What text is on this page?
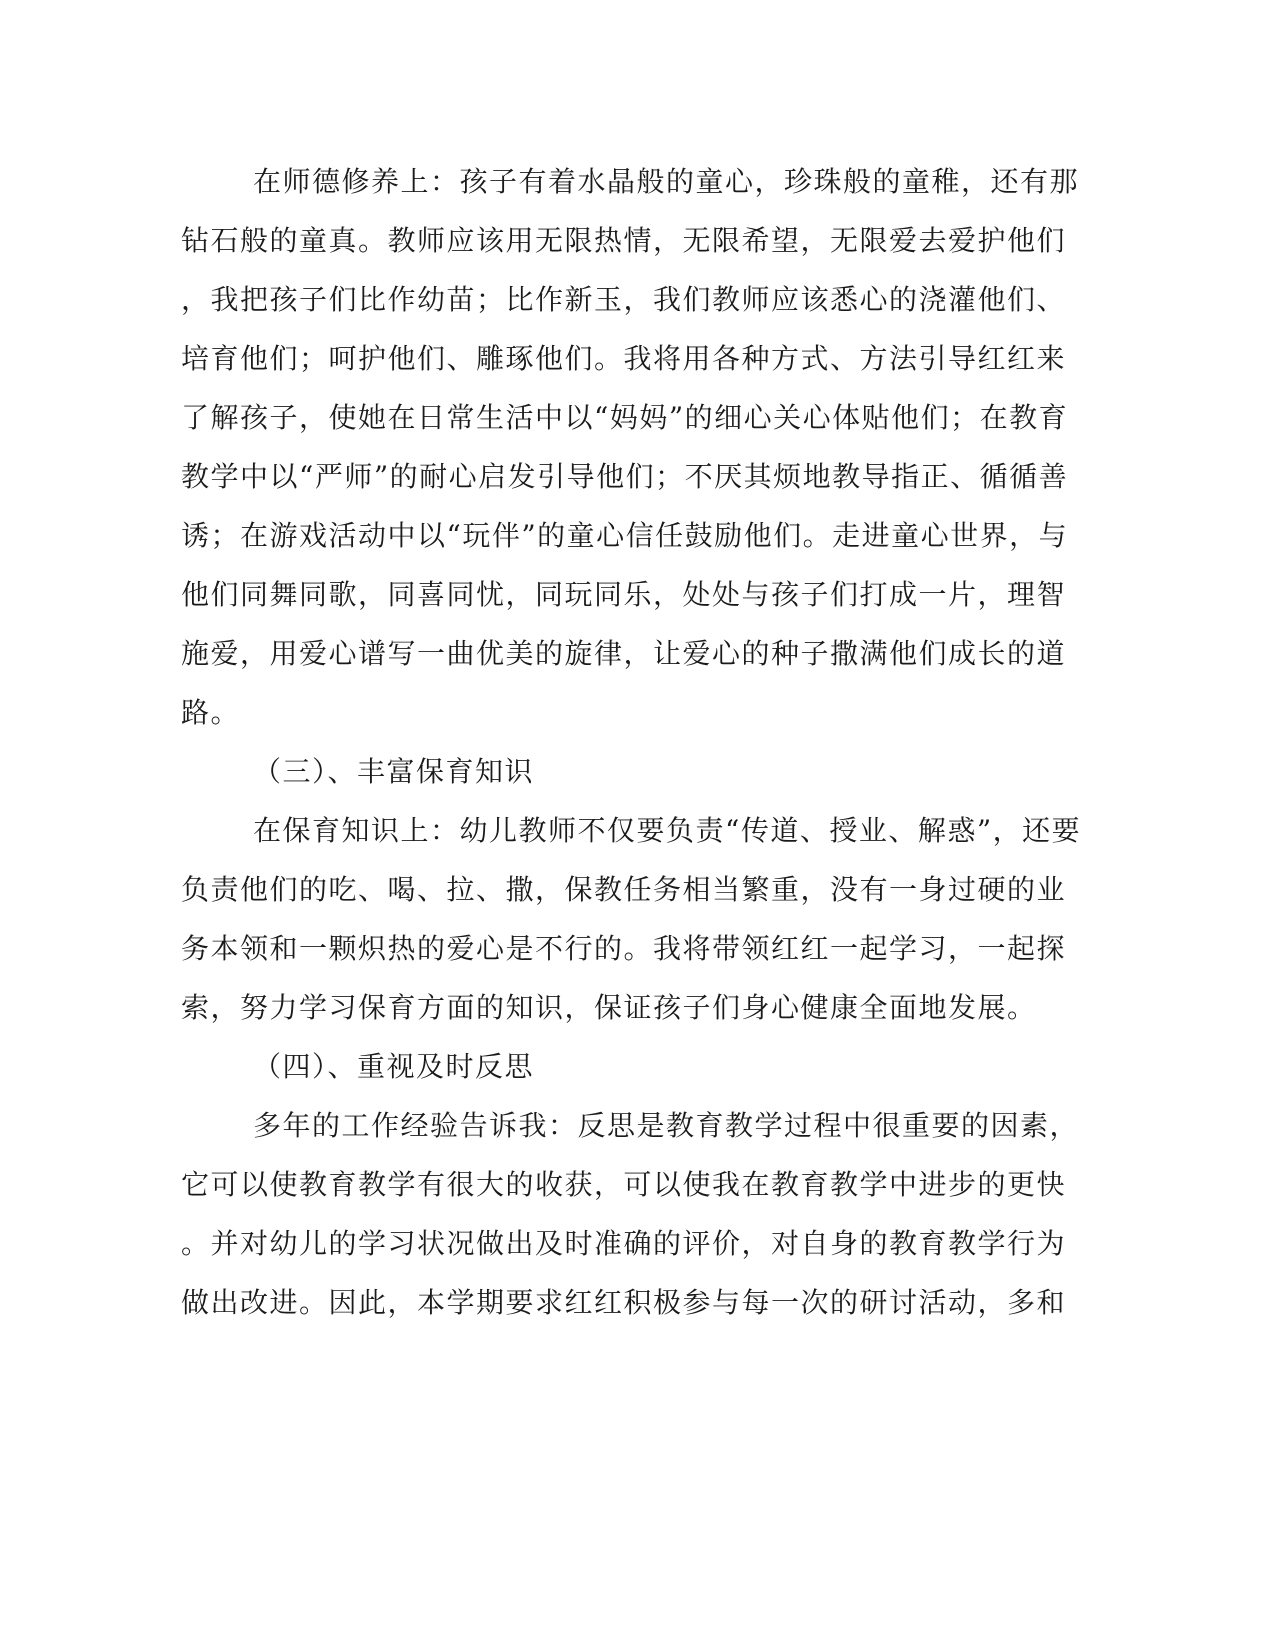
在师德修养上：孩子有着水晶般的童心，珍珠般的童稚，还有那
钻石般的童真。教师应该用无限热情，无限希望，无限爱去爱护他们
，我把孩子们比作幼苗；比作新玉，我们教师应该悉心的浇灌他们、
培育他们；呵护他们、雕琢他们。我将用各种方式、方法引导红红来
了解孩子，使她在日常生活中以“妈妈”的细心关心体贴他们；在教育
教学中以“严师”的耐心启发引导他们；不厌其烦地教导指正、循循善
诱；在游戏活动中以“玩伴”的童心信任鼓励他们。走进童心世界，与
他们同舞同歌，同喜同忧，同玩同乐，处处与孩子们打成一片，理智
施爱，用爱心谱写一曲优美的旋律，让爱心的种子撒满他们成长的道
路。
（三）、丰富保育知识
在保育知识上：幼儿教师不仅要负责“传道、授业、解惑”，还要
负责他们的吃、喝、拉、撒，保教任务相当繁重，没有一身过硬的业
务本领和一颗炽热的爱心是不行的。我将带领红红一起学习，一起探
索，努力学习保育方面的知识，保证孩子们身心健康全面地发展。
（四）、重视及时反思
多年的工作经验告诉我：反思是教育教学过程中很重要的因素，
它可以使教育教学有很大的收获，可以使我在教育教学中进步的更快
。并对幼儿的学习状况做出及时准确的评价，对自身的教育教学行为
做出改进。因此，本学期要求红红积极参与每一次的研讨活动，多和
